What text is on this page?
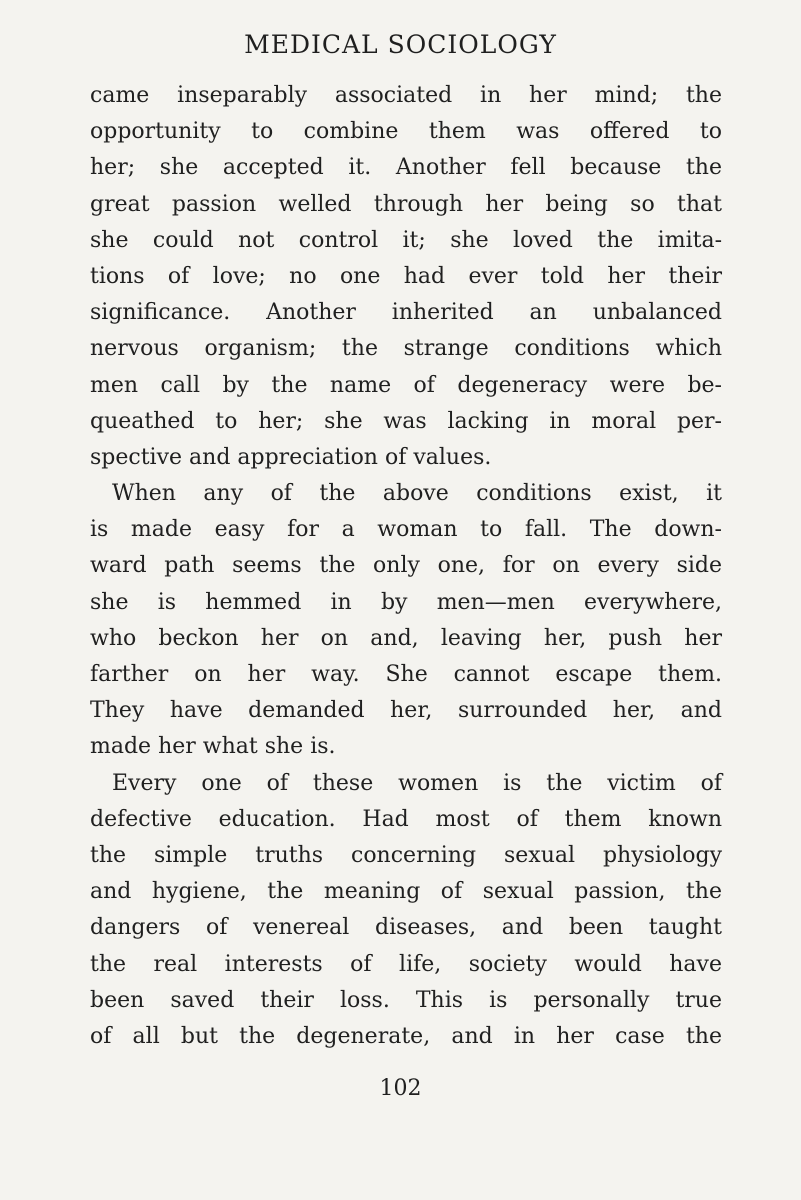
MEDICAL SOCIOLOGY
came inseparably associated in her mind; the
opportunity to combine them was offered to
her; she accepted it. Another fell because the
great passion welled through her being so that
she could not control it; she loved the imita-
tions of love; no one had ever told her their
significance. Another inherited an unbalanced
nervous organism; the strange conditions which
men call by the name of degeneracy were be-
queathed to her; she was lacking in moral per-
spective and appreciation of values.
When any of the above conditions exist, it
is made easy for a woman to fall. The down-
ward path seems the only one, for on every side
she is hemmed in by men—men everywhere,
who beckon her on and, leaving her, push her
farther on her way. She cannot escape them.
They have demanded her, surrounded her, and
made her what she is.
Every one of these women is the victim of
defective education. Had most of them known
the simple truths concerning sexual physiology
and hygiene, the meaning of sexual passion, the
dangers of venereal diseases, and been taught
the real interests of life, society would have
been saved their loss. This is personally true
of all but the degenerate, and in her case the
102
